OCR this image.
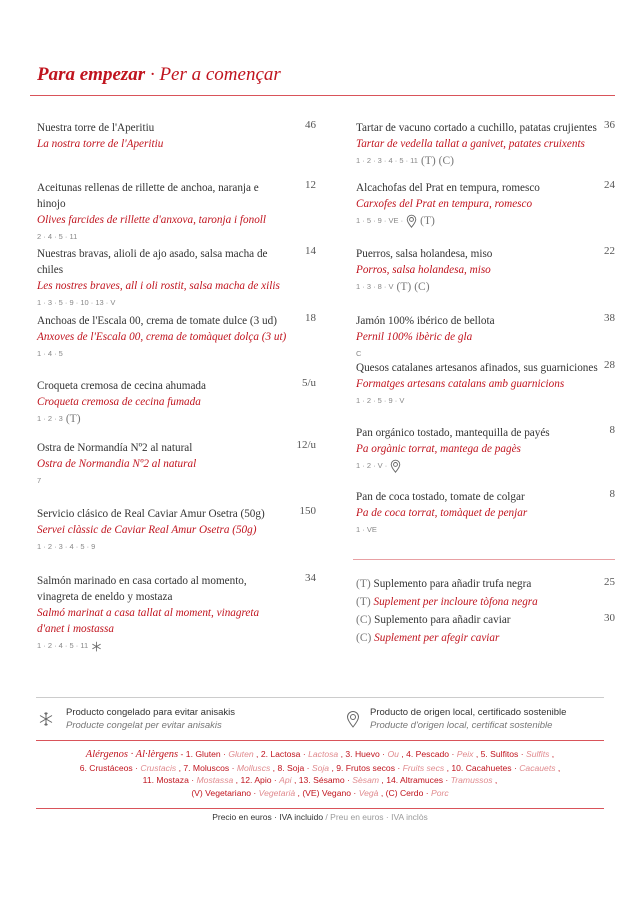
Para empezar · Per a començar
Nuestra torre de l'Aperitiu
La nostra torre de l'Aperitiu
46
Aceitunas rellenas de rillette de anchoa, naranja e hinojo
Olives farcides de rillette d'anxova, taronja i fonoll
2 · 4 · 5 · 11
12
Nuestras bravas, alioli de ajo asado, salsa macha de chiles
Les nostres braves, all i oli rostit, salsa macha de xilis
1 · 3 · 5 · 9 · 10 · 13 · V
14
Anchoas de l'Escala 00, crema de tomate dulce (3 ud)
Anxoves de l'Escala 00, crema de tomàquet dolça (3 ut)
1 · 4 · 5
18
Croqueta cremosa de cecina ahumada
Croqueta cremosa de cecina fumada
1 · 2 · 3 (T)
5/u
Ostra de Normandía Nº2 al natural
Ostra de Normandia Nº2 al natural
7
12/u
Servicio clásico de Real Caviar Amur Osetra (50g)
Servei clàssic de Caviar Real Amur Osetra (50g)
1 · 2 · 3 · 4 · 5 · 9
150
Salmón marinado en casa cortado al momento, vinagreta de eneldo y mostaza
Salmó marinat a casa tallat al moment, vinagreta d'anet i mostassa
1 · 2 · 4 · 5 · 11
34
Tartar de vacuno cortado a cuchillo, patatas crujientes
Tartar de vedella tallat a ganivet, patates cruixents
1 · 2 · 3 · 4 · 5 · 11 (T) (C)
36
Alcachofas del Prat en tempura, romesco
Carxofes del Prat en tempura, romesco
1 · 5 · 9 · VE · (T)
24
Puerros, salsa holandesa, miso
Porros, salsa holandesa, miso
1 · 3 · 8 · V (T) (C)
22
Jamón 100% ibérico de bellota
Pernil 100% ibèric de gla
C
38
Quesos catalanes artesanos afinados, sus guarniciones
Formatges artesans catalans amb guarnicions
1 · 2 · 5 · 9 · V
28
Pan orgánico tostado, mantequilla de payés
Pa orgànic torrat, mantega de pagès
1 · 2 · V ·
8
Pan de coca tostado, tomate de colgar
Pa de coca torrat, tomàquet de penjar
1 · VE
8
(T) Suplemento para añadir trufa negra
(T) Suplement per incloure tòfona negra
25
(C) Suplemento para añadir caviar
(C) Suplement per afegir caviar
30
Producto congelado para evitar anisakis
Producte congelat per evitar anisakis
Producto de origen local, certificado sostenible
Producte d'origen local, certificat sostenible
Alérgenos · Al·lèrgens - 1. Gluten · Gluten , 2. Lactosa · Lactosa , 3. Huevo · Ou , 4. Pescado · Peix , 5. Sulfitos · Sulfits ,
6. Crustáceos · Crustacis , 7. Moluscos · Molluscs , 8. Soja · Soja , 9. Frutos secos · Fruits secs , 10. Cacahuetes · Cacauets ,
11. Mostaza · Mostassa , 12. Apio · Api , 13. Sésamo · Sèsam , 14. Altramuces · Tramussos ,
(V) Vegetariano · Vegetarià , (VE) Vegano · Vegà , (C) Cerdo · Porc
Precio en euros · IVA incluido / Preu en euros · IVA inclòs
